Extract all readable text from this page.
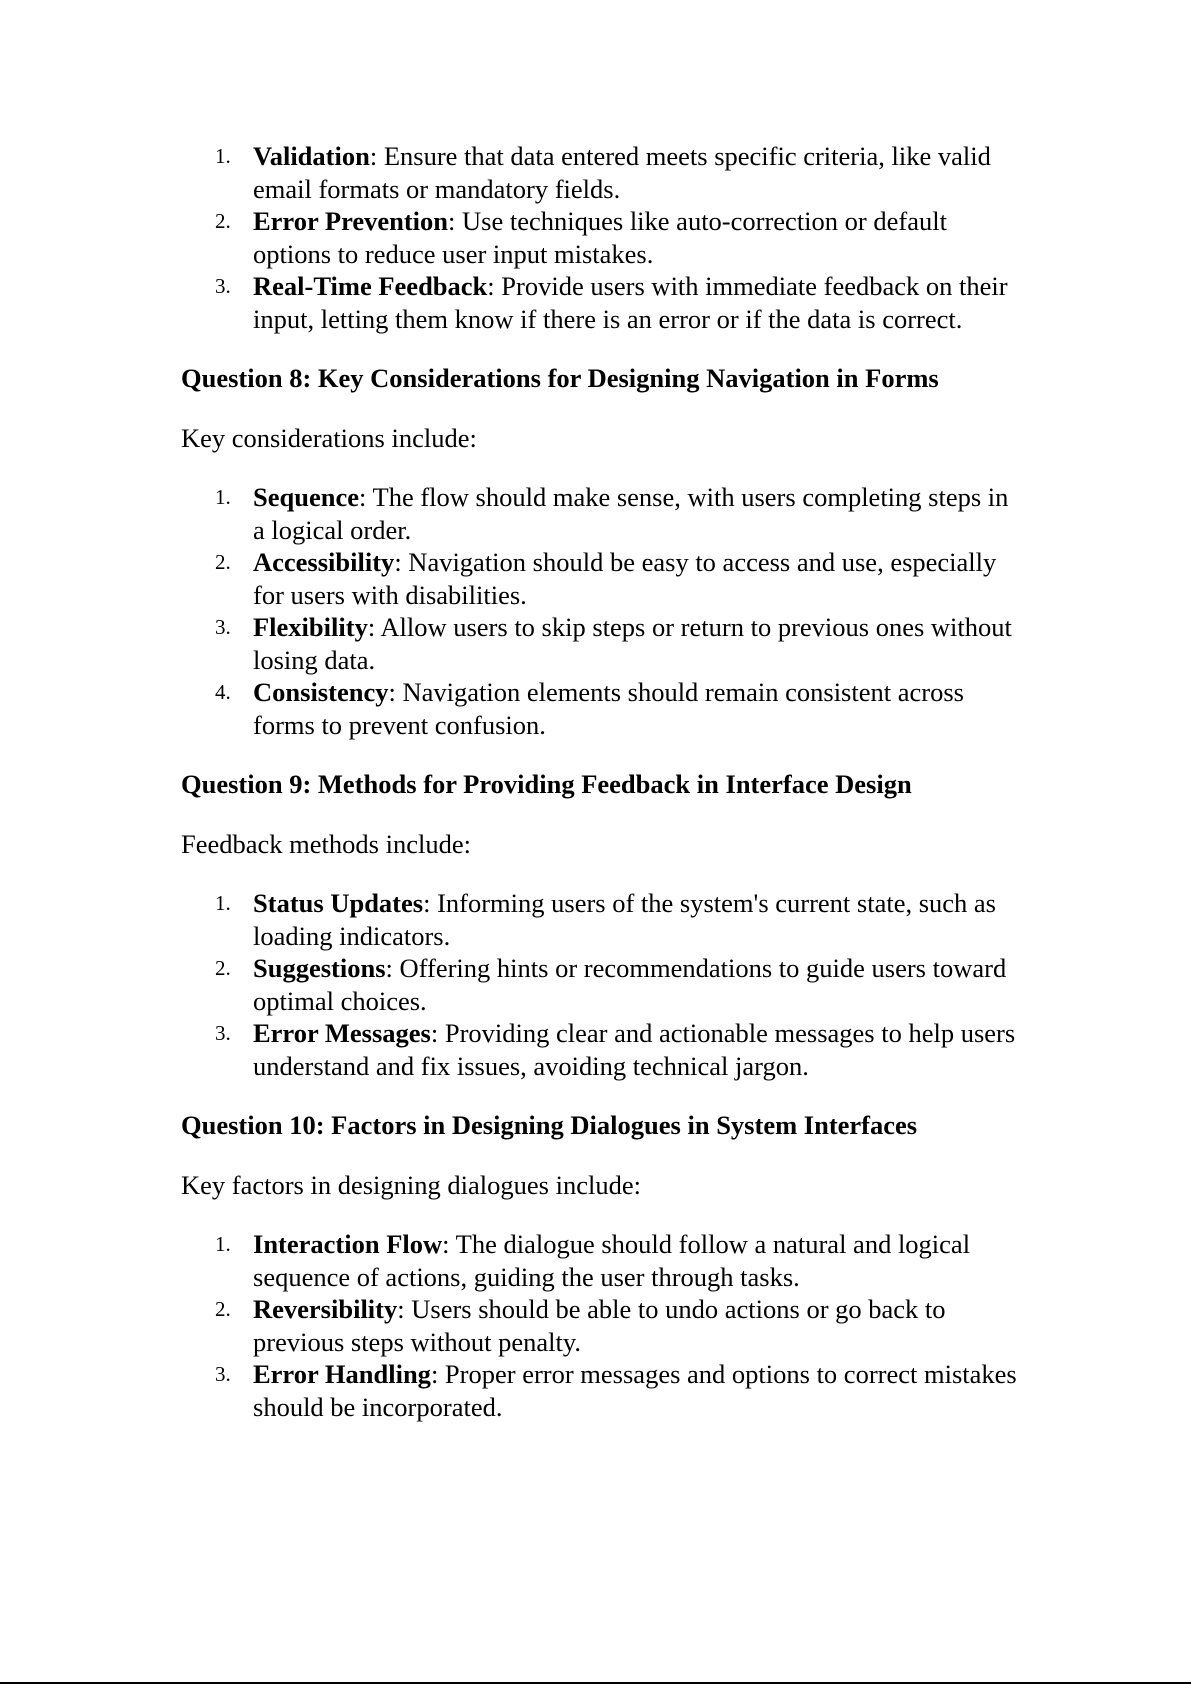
1. Validation: Ensure that data entered meets specific criteria, like valid email formats or mandatory fields.
2. Error Prevention: Use techniques like auto-correction or default options to reduce user input mistakes.
3. Real-Time Feedback: Provide users with immediate feedback on their input, letting them know if there is an error or if the data is correct.

Question 8: Key Considerations for Designing Navigation in Forms

Key considerations include:

1. Sequence: The flow should make sense, with users completing steps in a logical order.
2. Accessibility: Navigation should be easy to access and use, especially for users with disabilities.
3. Flexibility: Allow users to skip steps or return to previous ones without losing data.
4. Consistency: Navigation elements should remain consistent across forms to prevent confusion.

Question 9: Methods for Providing Feedback in Interface Design

Feedback methods include:

1. Status Updates: Informing users of the system's current state, such as loading indicators.
2. Suggestions: Offering hints or recommendations to guide users toward optimal choices.
3. Error Messages: Providing clear and actionable messages to help users understand and fix issues, avoiding technical jargon.

Question 10: Factors in Designing Dialogues in System Interfaces

Key factors in designing dialogues include:

1. Interaction Flow: The dialogue should follow a natural and logical sequence of actions, guiding the user through tasks.
2. Reversibility: Users should be able to undo actions or go back to previous steps without penalty.
3. Error Handling: Proper error messages and options to correct mistakes should be incorporated.
